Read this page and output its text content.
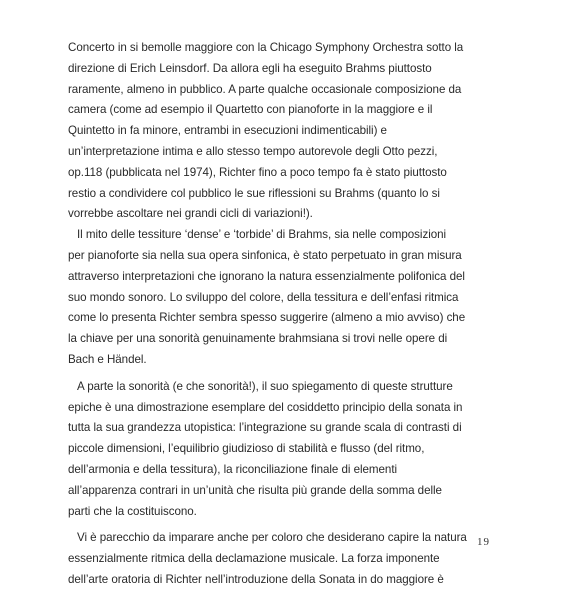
Concerto in si bemolle maggiore con la Chicago Symphony Orchestra sotto la
direzione di Erich Leinsdorf. Da allora egli ha eseguito Brahms piuttosto
raramente, almeno in pubblico. A parte qualche occasionale composizione da
camera (come ad esempio il Quartetto con pianoforte in la maggiore e il
Quintetto in fa minore, entrambi in esecuzioni indimenticabili) e
un’interpretazione intima e allo stesso tempo autorevole degli Otto pezzi,
op.118 (pubblicata nel 1974), Richter fino a poco tempo fa è stato piuttosto
restio a condividere col pubblico le sue riflessioni su Brahms (quanto lo si
vorrebbe ascoltare nei grandi cicli di variazioni!).

Il mito delle tessiture ‘dense’ e ‘torbide’ di Brahms, sia nelle composizioni
per pianoforte sia nella sua opera sinfonica, è stato perpetuato in gran misura
attraverso interpretazioni che ignorano la natura essenzialmente polifonica del
suo mondo sonoro. Lo sviluppo del colore, della tessitura e dell’enfasi ritmica
come lo presenta Richter sembra spesso suggerire (almeno a mio avviso) che
la chiave per una sonorità genuinamente brahmsiana si trovi nelle opere di
Bach e Händel.

A parte la sonorità (e che sonorità!), il suo spiegamento di queste strutture
epiche è una dimostrazione esemplare del cosiddetto principio della sonata in
tutta la sua grandezza utopistica: l’integrazione su grande scala di contrasti di
piccole dimensioni, l’equilibrio giudizioso di stabilità e flusso (del ritmo,
dell’armonia e della tessitura), la riconciliazione finale di elementi
all’apparenza contrari in un’unità che risulta più grande della somma delle
parti che la costituiscono.

Vi è parecchio da imparare anche per coloro che desiderano capire la natura
essenzialmente ritmica della declamazione musicale. La forza imponente
dell’arte oratoria di Richter nell’introduzione della Sonata in do maggiore è

19
